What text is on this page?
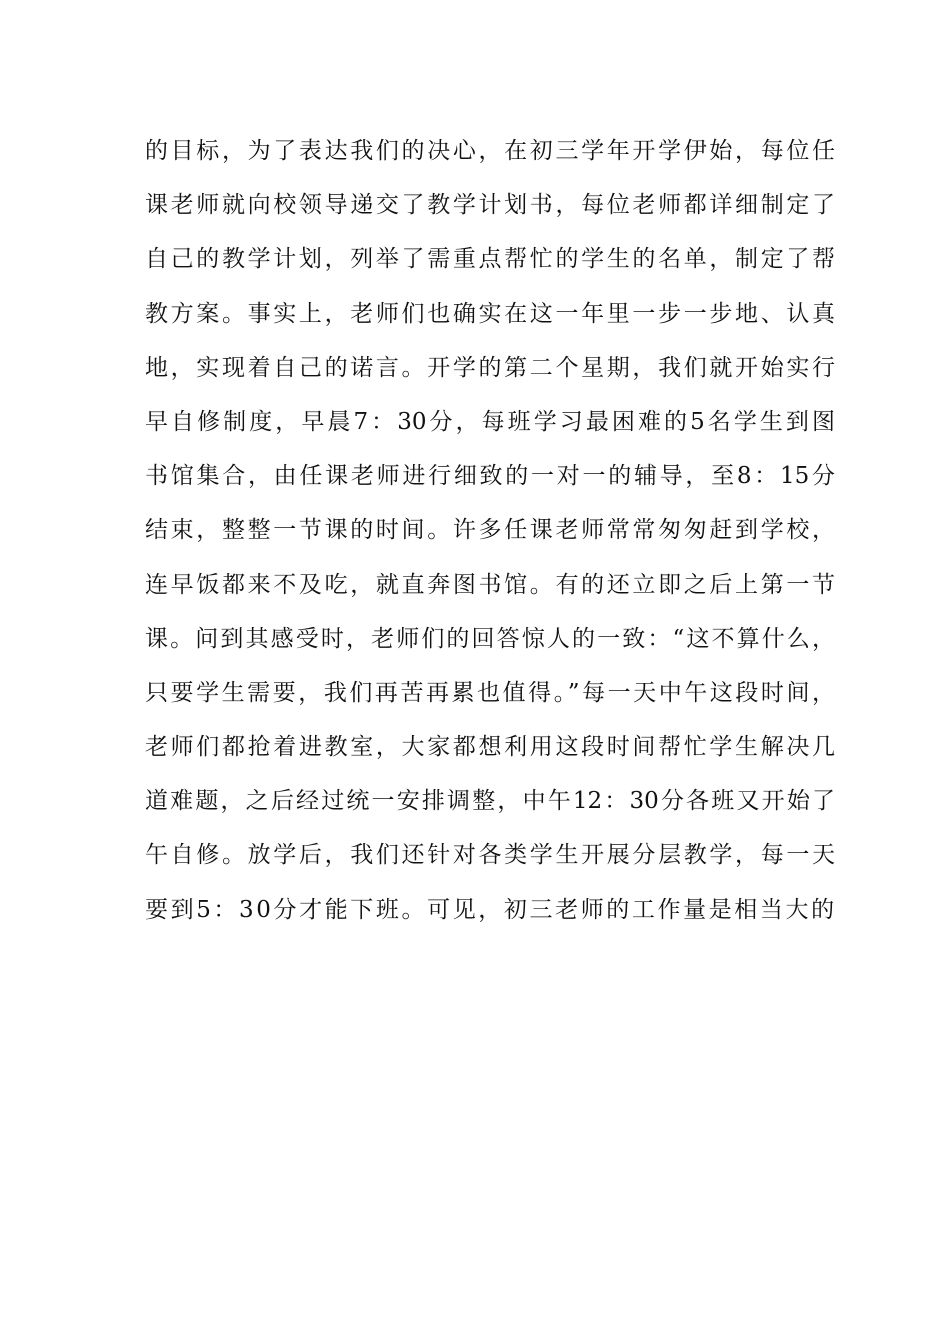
的目标，为了表达我们的决心，在初三学年开学伊始，每位任
课老师就向校领导递交了教学计划书，每位老师都详细制定了
自己的教学计划，列举了需重点帮忙的学生的名单，制定了帮
教方案。事实上，老师们也确实在这一年里一步一步地、认真
地，实现着自己的诺言。开学的第二个星期，我们就开始实行
早自修制度，早晨7：30分，每班学习最困难的5名学生到图
书馆集合，由任课老师进行细致的一对一的辅导，至8：15分
结束，整整一节课的时间。许多任课老师常常匆匆赶到学校，
连早饭都来不及吃，就直奔图书馆。有的还立即之后上第一节
课。问到其感受时，老师们的回答惊人的一致：“这不算什么，
只要学生需要，我们再苦再累也值得。”每一天中午这段时间，
老师们都抢着进教室，大家都想利用这段时间帮忙学生解决几
道难题，之后经过统一安排调整，中午12：30分各班又开始了
午自修。放学后，我们还针对各类学生开展分层教学，每一天
要到5：30分才能下班。可见，初三老师的工作量是相当大的
